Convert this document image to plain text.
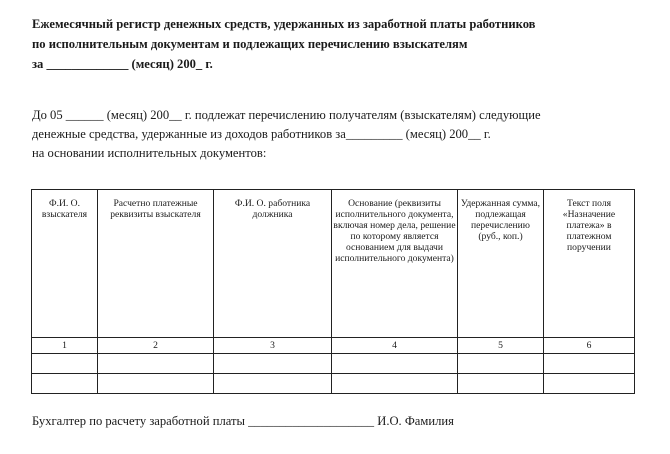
Ежемесячный регистр денежных средств, удержанных из заработной платы работников
по исполнительным документам и подлежащих перечислению взыскателям
за _____________ (месяц) 200_ г.
До 05 ______ (месяц) 200__ г. подлежат перечислению получателям (взыскателям) следующие
денежные средства, удержанные из доходов работников за_________ (месяц) 200__ г.
на основании исполнительных документов:
Ф.И. О. взыскателя	Расчетно платежные реквизиты взыскателя	Ф.И. О. работника должника	Основание (реквизиты исполнительного документа, включая номер дела, решение по которому является основанием для выдачи исполнительного документа)	Удержанная сумма, подлежащая перечислению (руб., коп.)	Текст поля «Назначение платежа» в платежном поручении
1	2	3	4	5	6

Бухгалтер по расчету заработной платы ____________________ И.О. Фамилия
